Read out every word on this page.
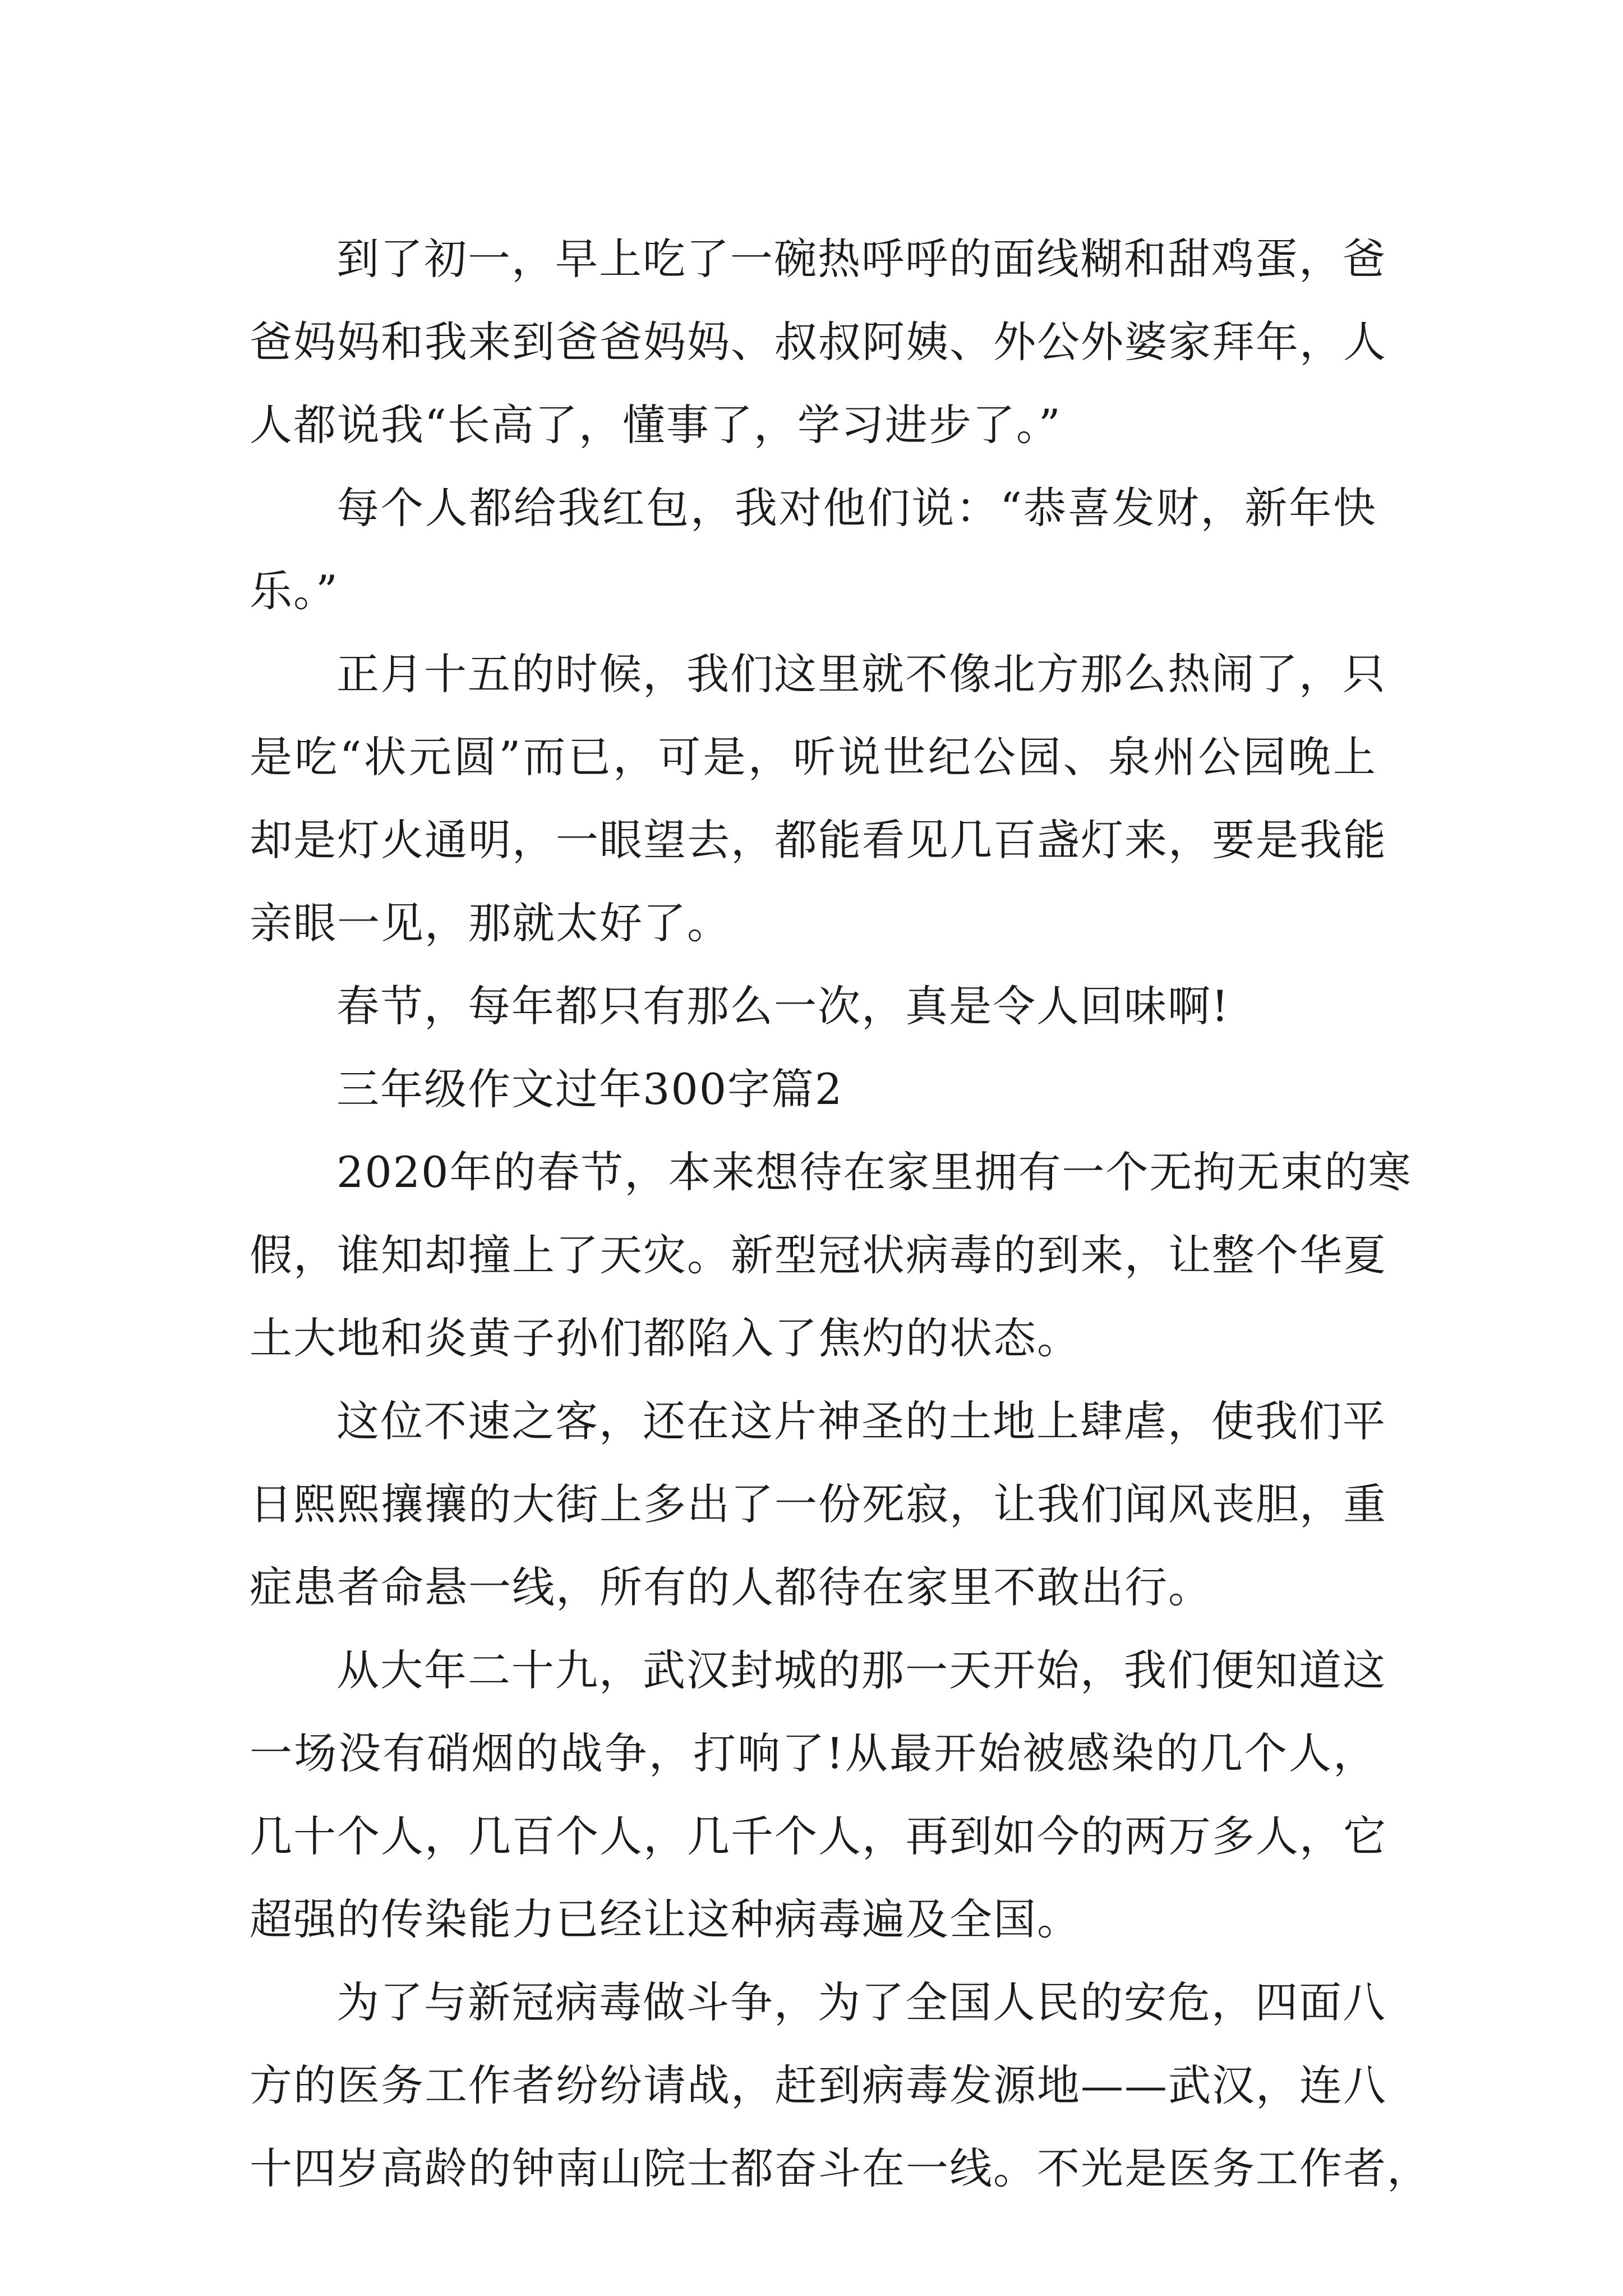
到了初一，早上吃了一碗热呼呼的面线糊和甜鸡蛋，爸
爸妈妈和我来到爸爸妈妈、叔叔阿姨、外公外婆家拜年，人
人都说我“长高了，懂事了，学习进步了。”
每个人都给我红包，我对他们说：“恭喜发财，新年快
乐。”
正月十五的时候，我们这里就不像北方那么热闹了，只
是吃“状元圆”而已，可是，听说世纪公园、泉州公园晚上
却是灯火通明，一眼望去，都能看见几百盏灯来，要是我能
亲眼一见，那就太好了。
春节，每年都只有那么一次，真是令人回味啊!
三年级作文过年300字篇2
2020年的春节，本来想待在家里拥有一个无拘无束的寒
假，谁知却撞上了天灾。新型冠状病毒的到来，让整个华夏
土大地和炎黄子孙们都陷入了焦灼的状态。
这位不速之客，还在这片神圣的土地上肆虐，使我们平
日熙熙攘攘的大街上多出了一份死寂，让我们闻风丧胆，重
症患者命悬一线，所有的人都待在家里不敢出行。
从大年二十九，武汉封城的那一天开始，我们便知道这
一场没有硝烟的战争，打响了!从最开始被感染的几个人，
几十个人，几百个人，几千个人，再到如今的两万多人，它
超强的传染能力已经让这种病毒遍及全国。
为了与新冠病毒做斗争，为了全国人民的安危，四面八
方的医务工作者纷纷请战，赶到病毒发源地——武汉，连八
十四岁高龄的钟南山院士都奋斗在一线。不光是医务工作者，
